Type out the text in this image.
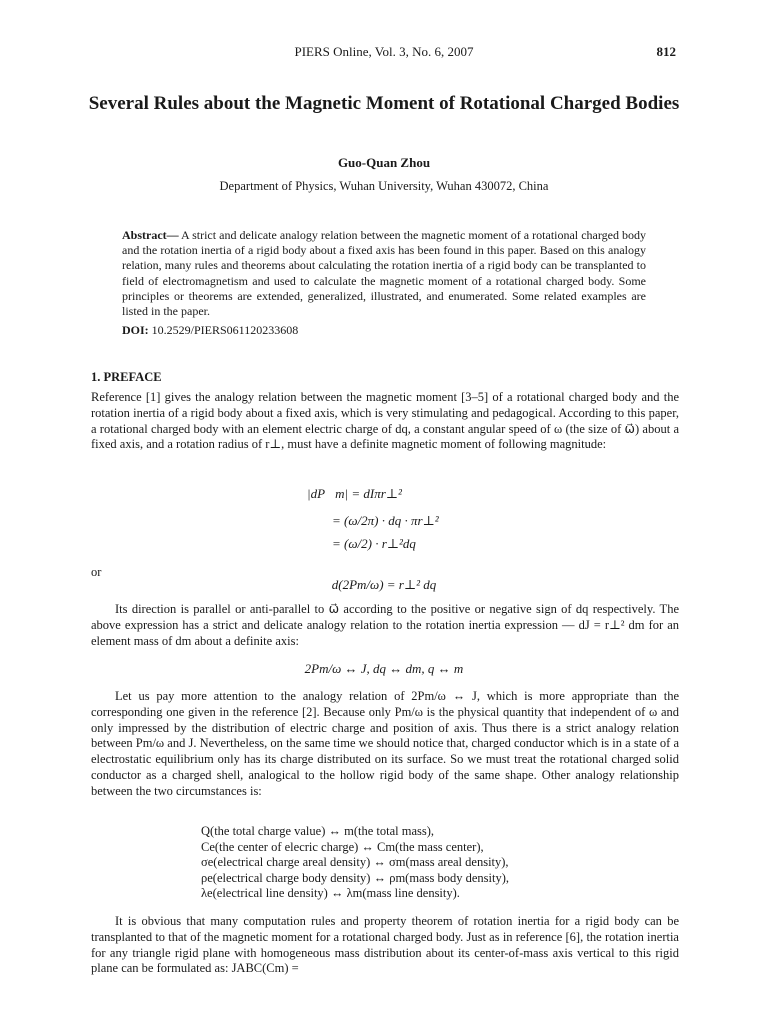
PIERS Online, Vol. 3, No. 6, 2007	812
Several Rules about the Magnetic Moment of Rotational Charged Bodies
Guo-Quan Zhou
Department of Physics, Wuhan University, Wuhan 430072, China
Abstract— A strict and delicate analogy relation between the magnetic moment of a rotational charged body and the rotation inertia of a rigid body about a fixed axis has been found in this paper. Based on this analogy relation, many rules and theorems about calculating the rotation inertia of a rigid body can be transplanted to field of electromagnetism and used to calculate the magnetic moment of a rotational charged body. Some principles or theorems are extended, generalized, illustrated, and enumerated. Some related examples are listed in the paper.
DOI: 10.2529/PIERS061120233608
1. PREFACE
Reference [1] gives the analogy relation between the magnetic moment [3–5] of a rotational charged body and the rotation inertia of a rigid body about a fixed axis, which is very stimulating and pedagogical. According to this paper, a rotational charged body with an element electric charge of dq, a constant angular speed of ω (the size of ω⃗) about a fixed axis, and a rotation radius of r⊥, must have a definite magnetic moment of following magnitude:
|dP⃗m| = dIπr⊥²
= (ω/2π) · dq · πr⊥²
= (ω/2) · r⊥²dq
or
d(2Pm/ω) = r⊥² dq
Its direction is parallel or anti-parallel to ω⃗ according to the positive or negative sign of dq respectively. The above expression has a strict and delicate analogy relation to the rotation inertia expression — dJ = r⊥² dm for an element mass of dm about a definite axis:
2Pm/ω ↔ J, dq ↔ dm, q ↔ m
Let us pay more attention to the analogy relation of 2Pm/ω ↔ J, which is more appropriate than the corresponding one given in the reference [2]. Because only Pm/ω is the physical quantity that independent of ω and only impressed by the distribution of electric charge and position of axis. Thus there is a strict analogy relation between Pm/ω and J. Nevertheless, on the same time we should notice that, charged conductor which is in a state of a electrostatic equilibrium only has its charge distributed on its surface. So we must treat the rotational charged solid conductor as a charged shell, analogical to the hollow rigid body of the same shape. Other analogy relationship between the two circumstances is:
Q(the total charge value) ↔ m(the total mass),
Ce(the center of elecric charge) ↔ Cm(the mass center),
σe(electrical charge areal density) ↔ σm(mass areal density),
ρe(electrical charge body density) ↔ ρm(mass body density),
λe(electrical line density) ↔ λm(mass line density).
It is obvious that many computation rules and property theorem of rotation inertia for a rigid body can be transplanted to that of the magnetic moment for a rotational charged body. Just as in reference [6], the rotation inertia for any triangle rigid plane with homogeneous mass distribution about its center-of-mass axis vertical to this rigid plane can be formulated as: JABC(Cm) =
